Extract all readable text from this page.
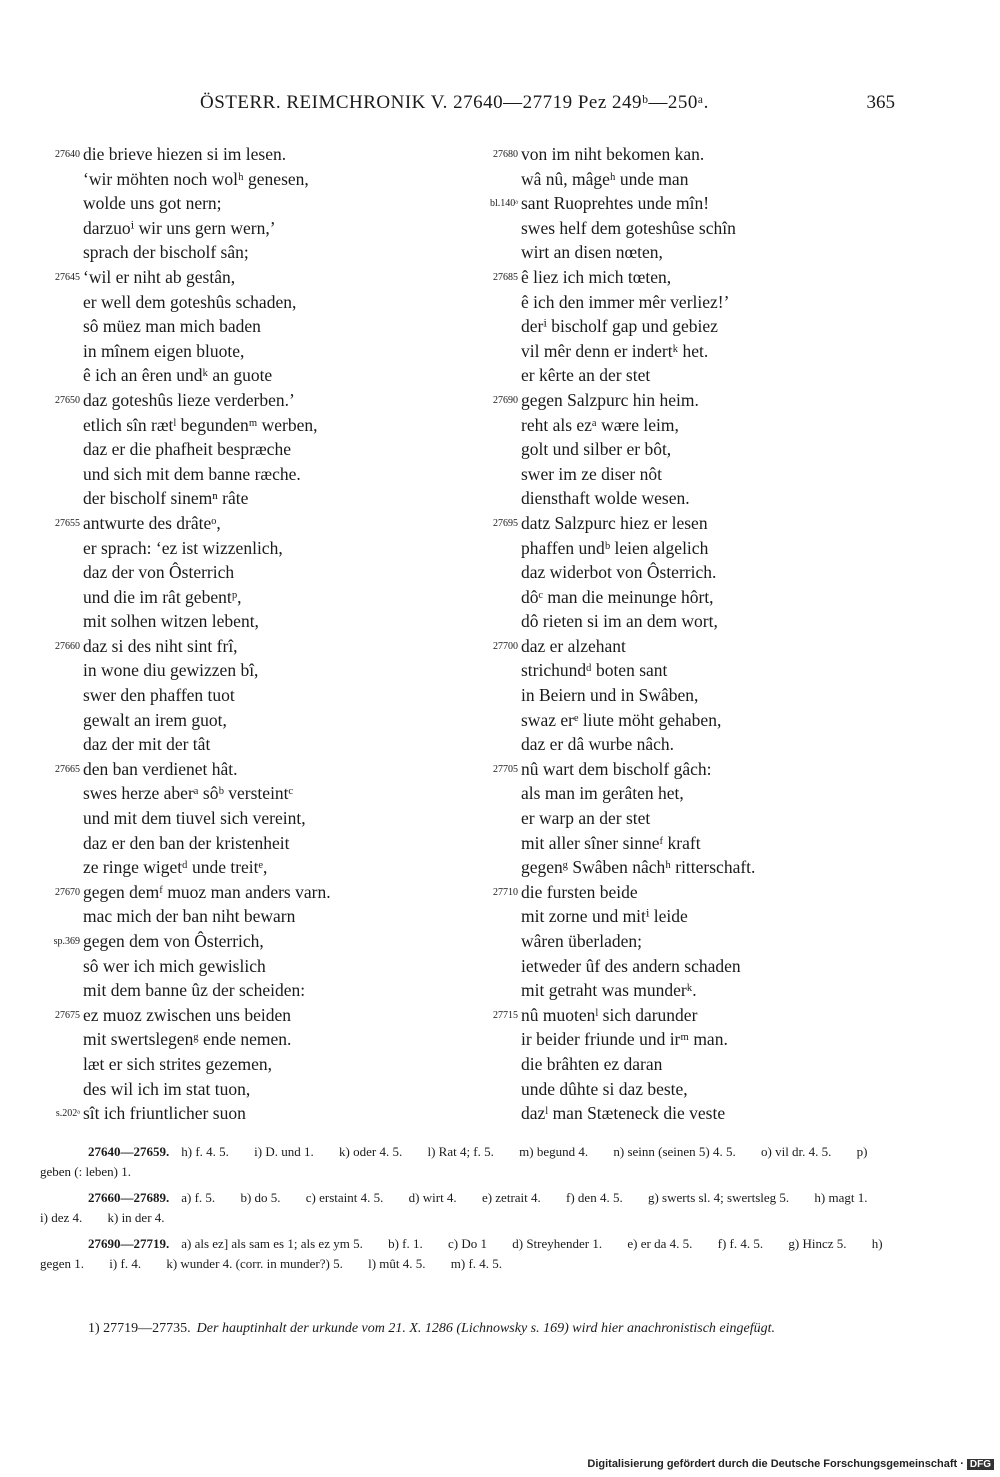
ÖSTERR. REIMCHRONIK V. 27640—27719 Pez 249ᵇ—250ᵃ.	365
27640 die brieve hiezen si im lesen.
‘wir möhten noch wolʰ genesen,
wolde uns got nern;
darzuoⁱ wir uns gern wern,’
sprach der bischolf sân;
27645 ‘wil er niht ab gestân,
er well dem goteshûs schaden,
sô müez man mich baden
in mînem eigen bluote,
ê ich an êren undᵏ an guote
27650 daz goteshûs lieze verderben.’
etlich sîn rætˡ begundenᵐ werben,
daz er die phafheit bespræche
und sich mit dem banne ræche.
der bischolf sinemⁿ râte
27655 antwurte des drâteᵒ,
er sprach: ‘ez ist wizzenlich,
daz der von Ôsterrich
und die im rât gebentᵖ,
mit solhen witzen lebent,
27660 daz si des niht sint frî,
in wone diu gewizzen bî,
swer den phaffen tuot
gewalt an irem guot,
daz der mit der tât
27665 den ban verdienet hât.
swes herze aberᵃ sôᵇ versteintᶜ
und mit dem tiuvel sich vereint,
daz er den ban der kristenheit
ze ringe wigetᵈ unde treitᵉ,
27670 gegen demᶠ muoz man anders varn.
mac mich der ban niht bewarn
sp.369 gegen dem von Ôsterrich,
sô wer ich mich gewislich
mit dem banne ûz der scheiden:
27675 ez muoz zwischen uns beiden
mit swertslegenᵍ ende nemen.
læt er sich strites gezemen,
des wil ich im stat tuon,
s.202ᵃ sît ich friuntlicher suon
27680 von im niht bekomen kan.
wâ nû, mâgeʰ unde man
bl.140ᵃ sant Ruoprehtes unde mîn!
swes helf dem goteshûse schîn
wirt an disen nœten,
27685 ê liez ich mich tœten,
ê ich den immer mêr verliez!’
derⁱ bischolf gap und gebiez
vil mêr denn er indertᵏ het.
er kêrte an der stet
27690 gegen Salzpurc hin heim.
reht als ezᵃ wære leim,
golt und silber er bôt,
swer im ze diser nôt
diensthaft wolde wesen.
27695 datz Salzpurc hiez er lesen
phaffen undᵇ leien algelich
daz widerbot von Ôsterrich.
dôᶜ man die meinunge hôrt,
dô rieten si im an dem wort,
27700 daz er alzehant
strichundᵈ boten sant
in Beiern und in Swâben,
swaz erᵉ liute möht gehaben,
daz er dâ wurbe nâch.
27705 nû wart dem bischolf gâch:
als man im gerâten het,
er warp an der stet
mit aller sîner sinneᶠ kraft
gegenᵍ Swâben nâchʰ ritterschaft.
27710 die fursten beide
mit zorne und mitⁱ leide
wâren überladen;
ietweder ûf des andern schaden
mit getraht was munderᵏ.
27715 nû muotenˡ sich darunder
ir beider friunde und irᵐ man.
die brâhten ez daran
unde dûhte si daz beste,
dazˡ man Stæteneck die veste
27640—27659. h) f. 4. 5. i) D. und 1. k) oder 4. 5. l) Rat 4; f. 5. m) begund 4. n) seinn (seinen 5) 4. 5. o) vil dr. 4. 5. p) geben (: leben) 1.
27660—27689. a) f. 5. b) do 5. c) erstaint 4. 5. d) wirt 4. e) zetrait 4. f) den 4. 5. g) swerts sl. 4; swertsleg 5. h) magt 1. i) dez 4. k) in der 4.
27690—27719. a) als ez] als sam es 1; als ez ym 5. b) f. 1. c) Do 1 d) Streyhender 1. e) er da 4. 5. f) f. 4. 5. g) Hincz 5. h) gegen 1. i) f. 4. k) wunder 4. (corr. in munder?) 5. l) mût 4. 5. m) f. 4. 5.
1) 27719—27735. Der hauptinhalt der urkunde vom 21. X. 1286 (Lichnowsky s. 169) wird hier anachronistisch eingefügt.
Digitalisierung gefördert durch die Deutsche Forschungsgemeinschaft · DFG
